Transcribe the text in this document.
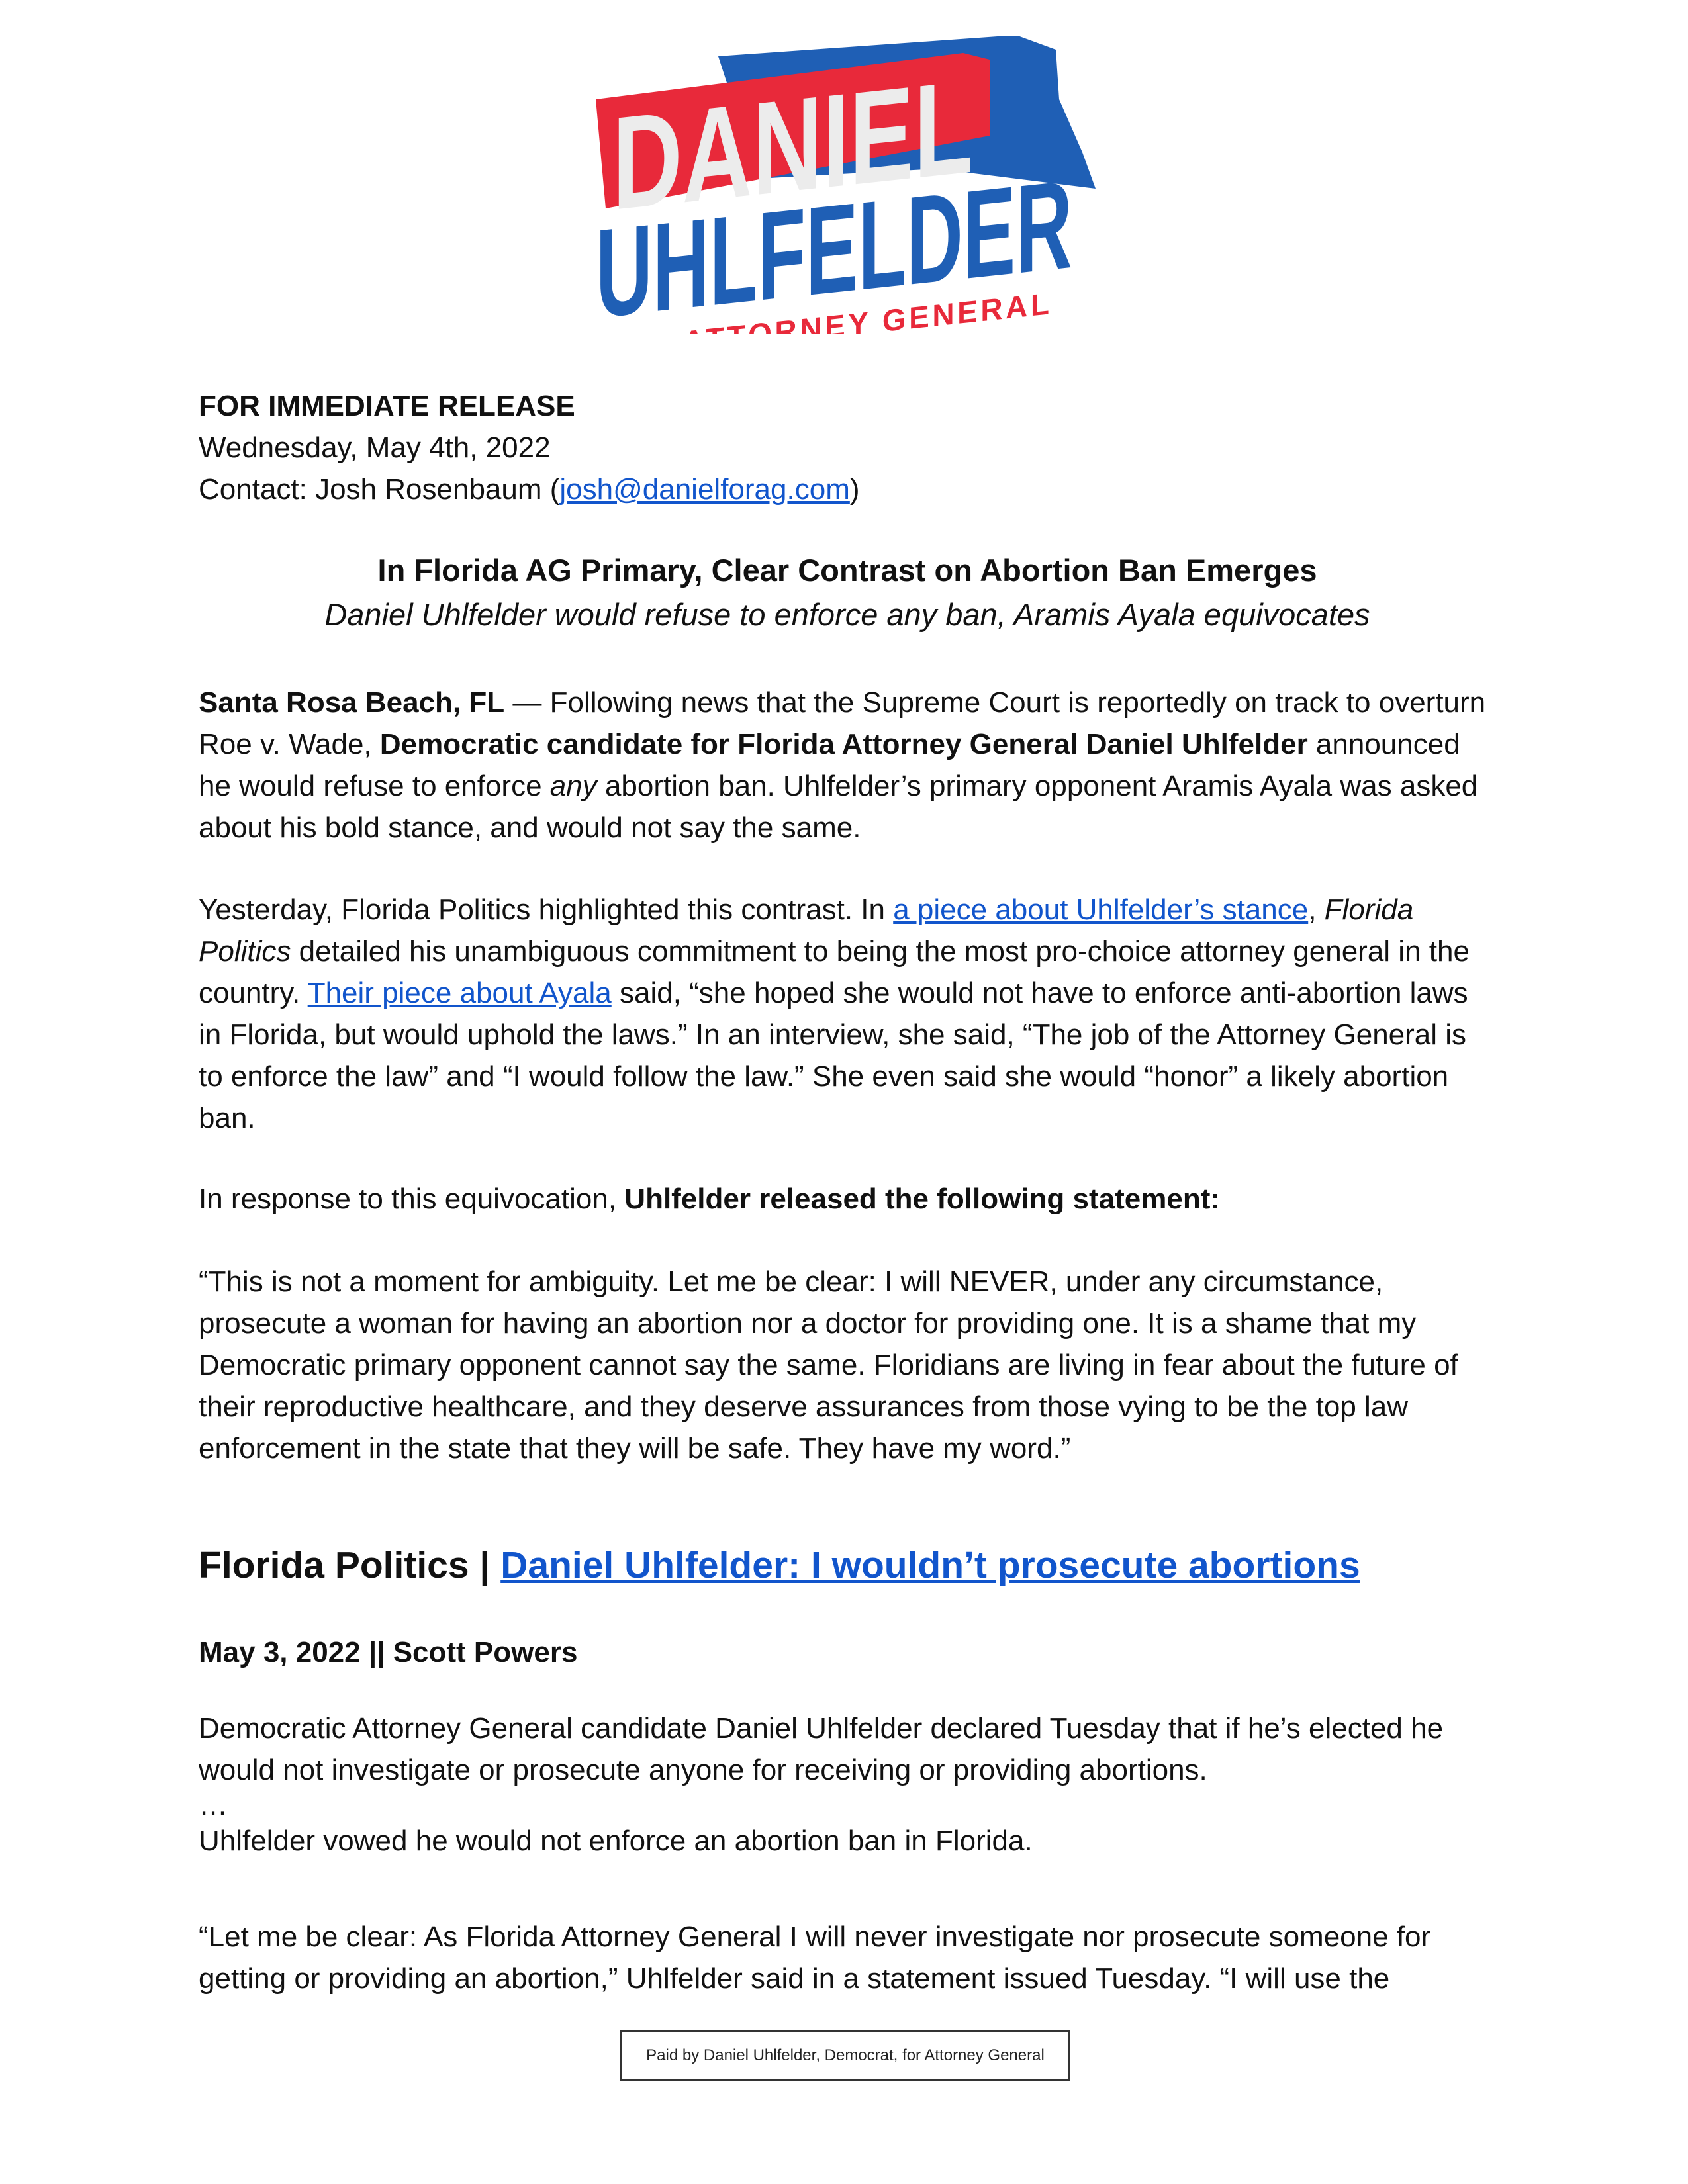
DANIEL
UHLFELDER
ATTORNEY GENERAL

FOR IMMEDIATE RELEASE

Wednesday, May 4th, 2022

Contact: Josh Rosenbaum (josh@danielforag.com)

In Florida AG Primary, Clear Contrast on Abortion Ban Emerges
Daniel Uhlfelder would refuse to enforce any ban, Aramis Ayala equivocates

Santa Rosa Beach, FL — Following news that the Supreme Court is reportedly on track to overturn Roe v. Wade, Democratic candidate for Florida Attorney General Daniel Uhlfelder announced he would refuse to enforce any abortion ban. Uhlfelder’s primary opponent Aramis Ayala was asked about his bold stance, and would not say the same.

Yesterday, Florida Politics highlighted this contrast. In a piece about Uhlfelder’s stance, Florida Politics detailed his unambiguous commitment to being the most pro-choice attorney general in the country. Their piece about Ayala said, “she hoped she would not have to enforce anti-abortion laws in Florida, but would uphold the laws.” In an interview, she said, “The job of the Attorney General is to enforce the law” and “I would follow the law.” She even said she would “honor” a likely abortion ban.

In response to this equivocation, Uhlfelder released the following statement:

“This is not a moment for ambiguity. Let me be clear: I will NEVER, under any circumstance, prosecute a woman for having an abortion nor a doctor for providing one. It is a shame that my Democratic primary opponent cannot say the same. Floridians are living in fear about the future of their reproductive healthcare, and they deserve assurances from those vying to be the top law enforcement in the state that they will be safe. They have my word.”

Florida Politics | Daniel Uhlfelder: I wouldn’t prosecute abortions

May 3, 2022 || Scott Powers

Democratic Attorney General candidate Daniel Uhlfelder declared Tuesday that if he’s elected he would not investigate or prosecute anyone for receiving or providing abortions.

…

Uhlfelder vowed he would not enforce an abortion ban in Florida.

“Let me be clear: As Florida Attorney General I will never investigate nor prosecute someone for getting or providing an abortion,” Uhlfelder said in a statement issued Tuesday. “I will use the

Paid by Daniel Uhlfelder, Democrat, for Attorney General
